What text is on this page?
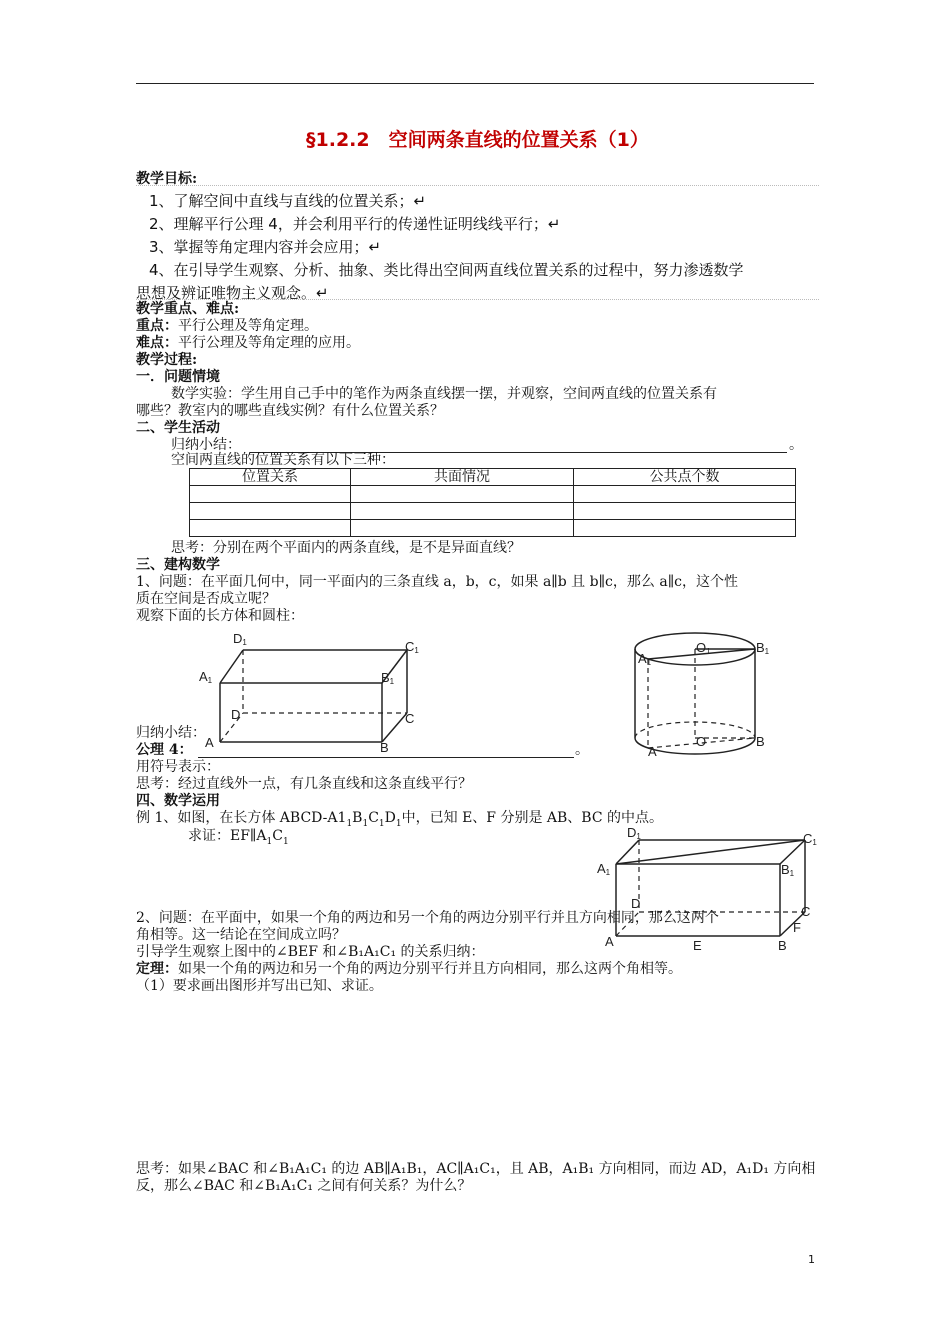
§1.2.2　空间两条直线的位置关系（1）
教学目标:
1、了解空间中直线与直线的位置关系；↵
2、理解平行公理 4，并会利用平行的传递性证明线线平行；↵
3、掌握等角定理内容并会应用；↵
4、在引导学生观察、分析、抽象、类比得出空间两直线位置关系的过程中，努力渗透数学
思想及辨证唯物主义观念。↵
教学重点、难点:
重点：平行公理及等角定理。
难点：平行公理及等角定理的应用。
教学过程:
一．问题情境
数学实验：学生用自己手中的笔作为两条直线摆一摆，并观察，空间两直线的位置关系有
哪些？教室内的哪些直线实例？有什么位置关系？
二、学生活动
归纳小结：	。
空间两直线的位置关系有以下三种：
位置关系	共面情况	公共点个数

思考：分别在两个平面内的两条直线，是不是异面直线？
三、建构数学
1、问题：在平面几何中，同一平面内的三条直线 a，b，c，如果 a∥b 且 b∥c，那么 a∥c，这个性
质在空间是否成立呢？
观察下面的长方体和圆柱：
D1	C1
A1	B1
D	C
A	B
A1
O1	B1
A
O	B
归纳小结：
公理 4：	。
用符号表示：
思考：经过直线外一点，有几条直线和这条直线平行？
四、数学运用
例 1、如图，在长方体 ABCD-$A1_1B_1C_1D_1$中，已知 E、F 分别是 AB、BC 的中点。
求证：$EF\parallel A_1C_1$
D1	C1
A1	B1
D
C
A	E	B
F
2、问题：在平面中，如果一个角的两边和另一个角的两边分别平行并且方向相同，那么这两个
角相等。这一结论在空间成立吗？
引导学生观察上图中的∠BEF 和∠B₁A₁C₁ 的关系归纳：
定理：如果一个角的两边和另一个角的两边分别平行并且方向相同，那么这两个角相等。
（1）要求画出图形并写出已知、求证。
思考：如果∠BAC 和∠B₁A₁C₁ 的边 AB∥A₁B₁，AC∥A₁C₁，且 AB，A₁B₁ 方向相同，而边 AD，A₁D₁ 方向相
反，那么∠BAC 和∠B₁A₁C₁ 之间有何关系？为什么？
1
